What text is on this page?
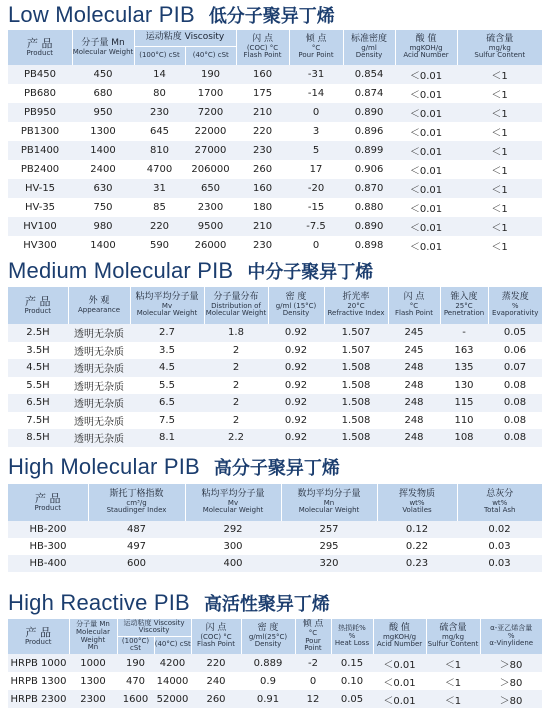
Low Molecular PIB 低分子聚异丁烯
产 品
Product	分子量 Mn
Molecular Weight	运动粘度 Viscosity		闪 点
(COC) °C
Flash Point	倾 点
°C
Pour Point	标准密度
g/ml
Density	酸 值
mgKOH/g
Acid Number	硫含量
mg/kg
Sulfur Content

		(100°C) cSt	(40°C) cSt					

PB450	450	14	190	160	-31	0.854	＜0.01	＜1
PB680	680	80	1700	175	-14	0.874	＜0.01	＜1
PB950	950	230	7200	210	0	0.890	＜0.01	＜1
PB1300	1300	645	22000	220	3	0.896	＜0.01	＜1
PB1400	1400	810	27000	230	5	0.899	＜0.01	＜1
PB2400	2400	4700	206000	260	17	0.906	＜0.01	＜1
HV-15	630	31	650	160	-20	0.870	＜0.01	＜1
HV-35	750	85	2300	180	-15	0.880	＜0.01	＜1
HV100	980	220	9500	210	-7.5	0.890	＜0.01	＜1
HV300	1400	590	26000	230	0	0.898	＜0.01	＜1
Medium Molecular PIB 中分子聚异丁烯
产 品
Product	外 观
Appearance	粘均平均分子量
Mv
Molecular Weight	分子量分布
Distribution of
Molecular Weight	密 度
g/ml (15°C)
Density	折光率
20°C
Refractive Index	闪 点
°C
Flash Point	锥入度
25°C
Penetration	蒸发度
%
Evaporativity

2.5H	透明无杂质	2.7	1.8	0.92	1.507	245	-	0.05
3.5H	透明无杂质	3.5	2	0.92	1.507	245	163	0.06
4.5H	透明无杂质	4.5	2	0.92	1.508	248	135	0.07
5.5H	透明无杂质	5.5	2	0.92	1.508	248	130	0.08
6.5H	透明无杂质	6.5	2	0.92	1.508	248	115	0.08
7.5H	透明无杂质	7.5	2	0.92	1.508	248	110	0.08
8.5H	透明无杂质	8.1	2.2	0.92	1.508	248	108	0.08
High Molecular PIB 高分子聚异丁烯
产 品
Product	斯托丁格指数
cm³/g
Staudinger Index	粘均平均分子量
Mv
Molecular Weight	数均平均分子量
Mn
Molecular Weight	挥发物质
wt%
Volatiles	总灰分
wt%
Total Ash

HB-200	487	292	257	0.12	0.02
HB-300	497	300	295	0.22	0.03
HB-400	600	400	320	0.23	0.03
High Reactive PIB 高活性聚异丁烯
产 品
Product	分子量 Mn
Molecular Weight
Mn	运动粘度 Viscosity
Viscosity		闪 点
(COC) °C
Flash Point	密 度
g/ml(25°C)
Density	倾 点
°C
Pour Point	热损耗%
%
Heat Loss	酸 值
mgKOH/g
Acid Number	硫含量
mg/kg
Sulfur Content	α-亚乙烯含量
%
α-Vinylidene

		(100°C) cSt	(40°C) cSt							

HRPB 1000	1000	190	4200	220	0.889	-2	0.15	＜0.01	＜1	＞80
HRPB 1300	1300	470	14000	240	0.9	0	0.10	＜0.01	＜1	＞80
HRPB 2300	2300	1600	52000	260	0.91	12	0.05	＜0.01	＜1	＞80
